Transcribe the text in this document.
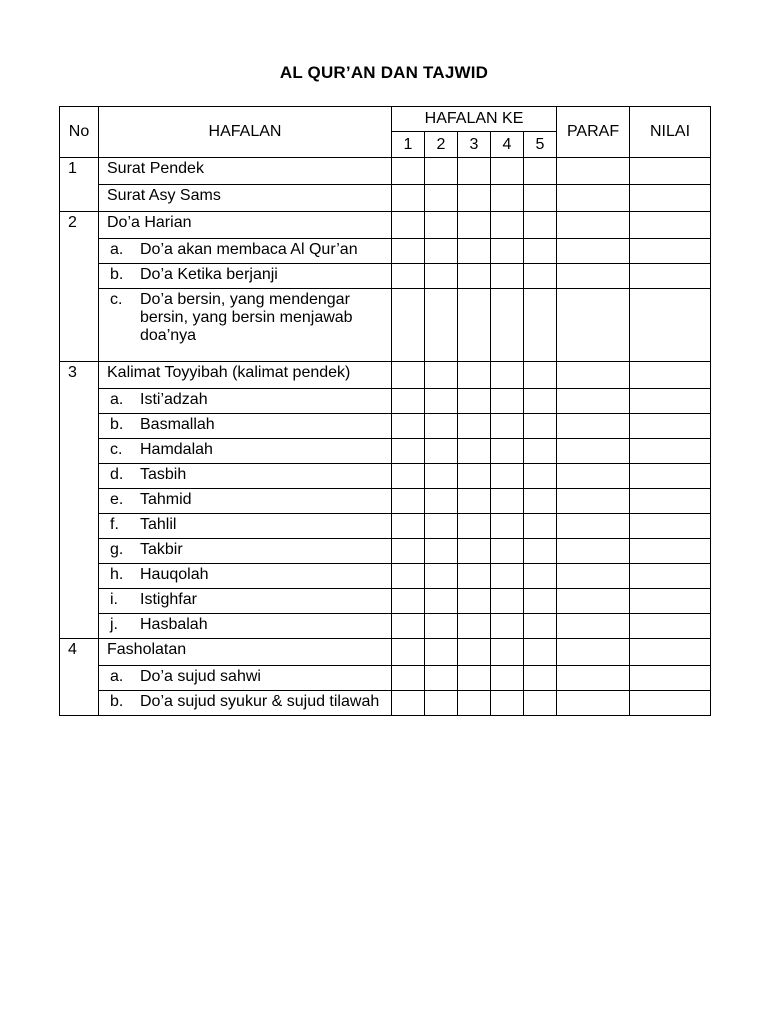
AL QUR’AN DAN TAJWID
No	HAFALAN	HAFALAN KE					PARAF	NILAI
		1	2	3	4	5		
1	Surat Pendek							
	Surat Asy Sams							
2	Do’a Harian							

	a. Do’a akan membaca Al Qur’an							

	b. Do’a Ketika berjanji							

	c. Do’a bersin, yang mendengar bersin, yang bersin menjawab doa’nya							

3	Kalimat Toyyibah (kalimat pendek)							

	a. Isti’adzah							

	b. Basmallah							

	c. Hamdalah							

	d. Tasbih							

	e. Tahmid							

	f. Tahlil							

	g. Takbir							

	h. Hauqolah							

	i. Istighfar							

	j. Hasbalah							

4	Fasholatan							

	a. Do’a sujud sahwi							

	b. Do’a sujud syukur & sujud tilawah							
